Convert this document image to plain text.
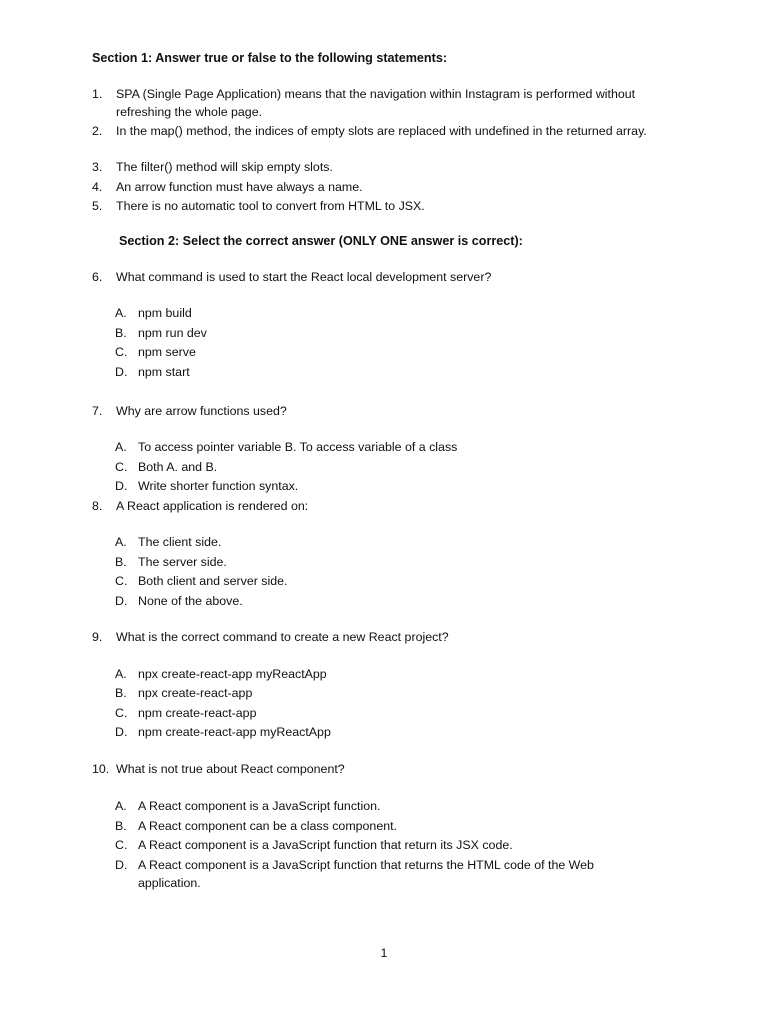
Section 1: Answer true or false to the following statements:
1.	SPA (Single Page Application) means that the navigation within Instagram is performed without refreshing the whole page.
2.	In the map() method, the indices of empty slots are replaced with undefined in the returned array.
3.	The filter() method will skip empty slots.
4.	An arrow function must have always a name.
5.	There is no automatic tool to convert from HTML to JSX.
Section 2: Select the correct answer (ONLY ONE answer is correct):
6.	What command is used to start the React local development server?
A. npm build
B. npm run dev
C. npm serve
D. npm start
7.	Why are arrow functions used?
A. To access pointer variable B. To access variable of a class
C. Both A. and B.
D. Write shorter function syntax.
8.	A React application is rendered on:
A. The client side.
B. The server side.
C. Both client and server side.
D. None of the above.
9.	What is the correct command to create a new React project?
A. npx create-react-app myReactApp
B. npx create-react-app
C. npm create-react-app
D. npm create-react-app myReactApp
10. What is not true about React component?
A. A React component is a JavaScript function.
B. A React component can be a class component.
C. A React component is a JavaScript function that return its JSX code.
D. A React component is a JavaScript function that returns the HTML code of the Web application.
1
